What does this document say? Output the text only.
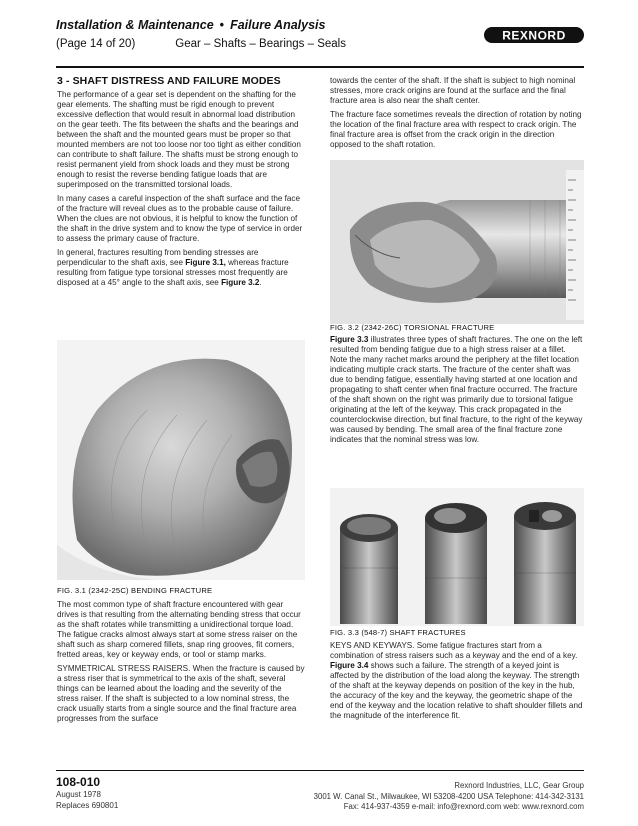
Installation & Maintenance • Failure Analysis
(Page 14 of 20)	Gear – Shafts – Bearings – Seals
REXNORD
3 - SHAFT DISTRESS AND FAILURE MODES

The performance of a gear set is dependent on the shafting for the gear elements. The shafting must be rigid enough to prevent excessive deflection that would result in abnormal load distribution on the gear teeth. The fits between the shafts and the bearings and between the shaft and the mounted gears must be proper so that mounted members are not too loose nor too tight as either condition can contribute to shaft failure. The shafts must be strong enough to resist permanent yield from shock loads and they must be strong enough to resist the reverse bending fatigue loads that are superimposed on the transmitted torsional loads.

In many cases a careful inspection of the shaft surface and the face of the fracture will reveal clues as to the probable cause of failure. When the clues are not obvious, it is helpful to know the function of the shaft in the drive system and to know the type of service in order to assess the primary cause of fracture.

In general, fractures resulting from bending stresses are perpendicular to the shaft axis, see Figure 3.1, whereas fracture resulting from fatigue type torsional stresses most frequently are disposed at a 45° angle to the shaft axis, see Figure 3.2.

FIG. 3.1 (2342-25C) BENDING FRACTURE

The most common type of shaft fracture encountered with gear drives is that resulting from the alternating bending stress that occur as the shaft rotates while transmitting a unidirectional torque load. The fatigue cracks almost always start at some stress raiser on the shaft such as sharp cornered fillets, snap ring grooves, fit corners, fretted areas, key or keyway ends, or tool or stamp marks.

SYMMETRICAL STRESS RAISERS. When the fracture is caused by a stress riser that is symmetrical to the axis of the shaft, several things can be learned about the loading and the severity of the stress raiser. If the shaft is subjected to a low nominal stress, the crack usually starts from a single source and the final fracture area progresses from the surface

towards the center of the shaft. If the shaft is subject to high nominal stresses, more crack origins are found at the surface and the final fracture area is also near the shaft center.

The fracture face sometimes reveals the direction of rotation by noting the location of the final fracture area with respect to crack origin. The final fracture area is offset from the crack origin in the direction opposed to the shaft rotation.

FIG. 3.2 (2342-26C) TORSIONAL FRACTURE

Figure 3.3 illustrates three types of shaft fractures. The one on the left resulted from bending fatigue due to a high stress raiser at a fillet. Note the many rachet marks around the periphery at the fillet location indicating multiple crack starts. The fracture of the center shaft was due to bending fatigue, essentially having started at one location and propagating to shaft center when final fracture occurred. The fracture of the shaft shown on the right was primarily due to torsional fatigue originating at the left of the keyway. This crack propagated in the counterclockwise direction, but final fracture, to the right of the keyway was caused by bending. The small area of the final fracture zone indicates that the nominal stress was low.

FIG. 3.3 (548-7) SHAFT FRACTURES

KEYS AND KEYWAYS. Some fatigue fractures start from a combination of stress raisers such as a keyway and the end of a key. Figure 3.4 shows such a failure. The strength of a keyed joint is affected by the distribution of the load along the keyway. The strength of the shaft at the keyway depends on position of the key in the hub, the accuracy of the key and the keyway, the geometric shape of the end of the keyway and the location relative to shaft shoulder fillets and the magnitude of the interference fit.

108-010
August 1978
Replaces 690801
Rexnord Industries, LLC, Gear Group
3001 W. Canal St., Milwaukee, WI 53208-4200 USA Telephone: 414-342-3131
Fax: 414-937-4359 e-mail: info@rexnord.com web: www.rexnord.com
